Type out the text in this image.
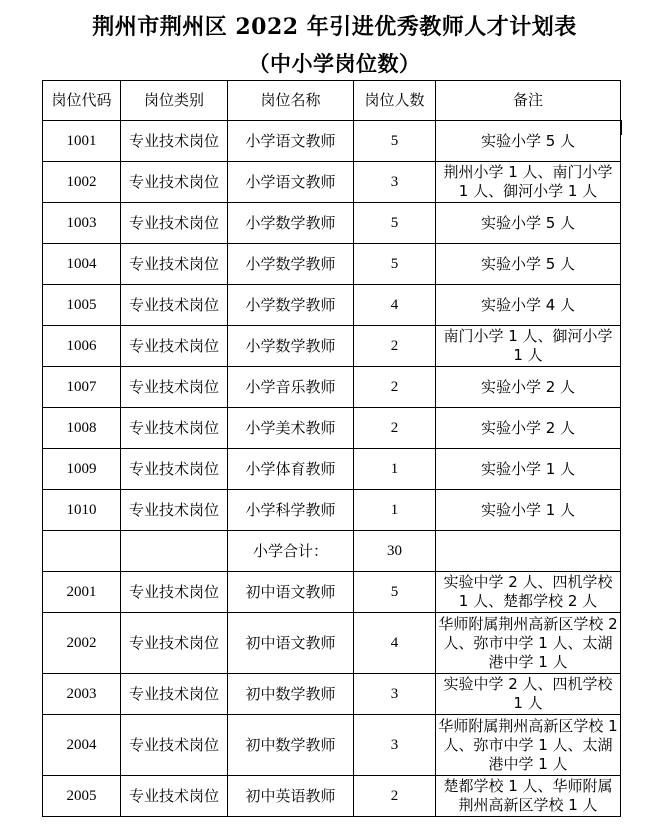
荆州市荆州区 2022 年引进优秀教师人才计划表
（中小学岗位数）
岗位代码	岗位类别	岗位名称	岗位人数	备注
1001	专业技术岗位	小学语文教师	5	实验小学 5 人
1002	专业技术岗位	小学语文教师	3	荆州小学 1 人、南门小学 1 人、御河小学 1 人
1003	专业技术岗位	小学数学教师	5	实验小学 5 人
1004	专业技术岗位	小学数学教师	5	实验小学 5 人
1005	专业技术岗位	小学数学教师	4	实验小学 4 人
1006	专业技术岗位	小学数学教师	2	南门小学 1 人、御河小学 1 人
1007	专业技术岗位	小学音乐教师	2	实验小学 2 人
1008	专业技术岗位	小学美术教师	2	实验小学 2 人
1009	专业技术岗位	小学体育教师	1	实验小学 1 人
1010	专业技术岗位	小学科学教师	1	实验小学 1 人
		小学合计：	30	
2001	专业技术岗位	初中语文教师	5	实验中学 2 人、四机学校 1 人、楚都学校 2 人
2002	专业技术岗位	初中语文教师	4	华师附属荆州高新区学校 2 人、弥市中学 1 人、太湖港中学 1 人
2003	专业技术岗位	初中数学教师	3	实验中学 2 人、四机学校 1 人
2004	专业技术岗位	初中数学教师	3	华师附属荆州高新区学校 1 人、弥市中学 1 人、太湖港中学 1 人
2005	专业技术岗位	初中英语教师	2	楚都学校 1 人、华师附属荆州高新区学校 1 人
